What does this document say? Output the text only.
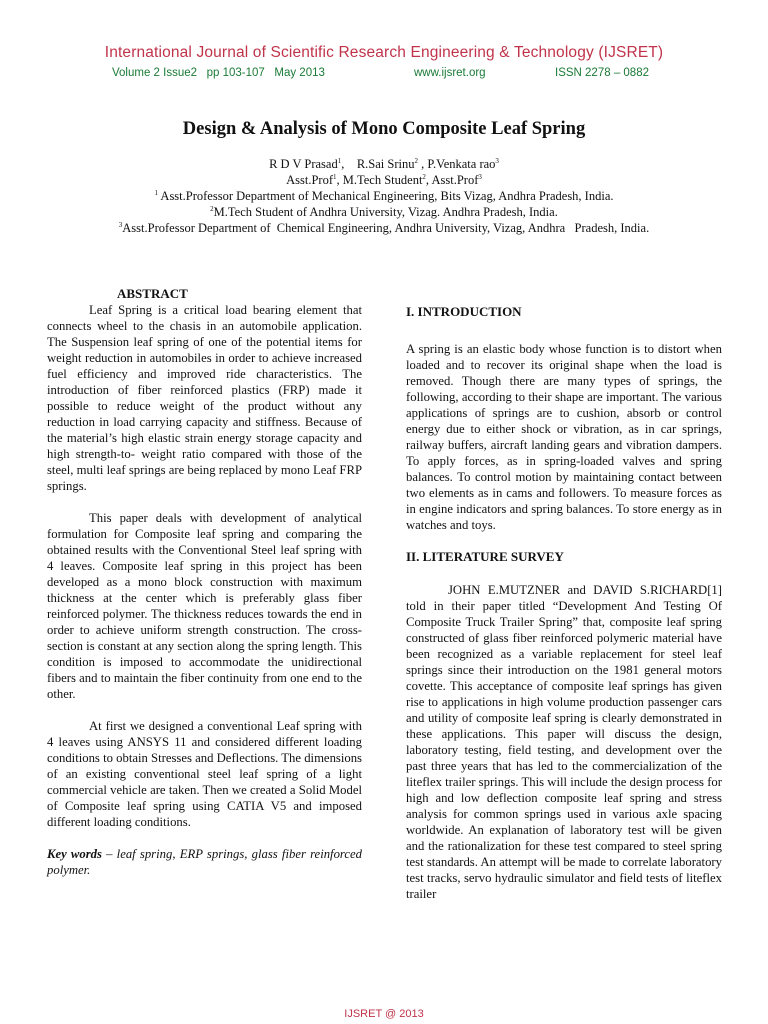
International Journal of Scientific Research Engineering & Technology (IJSRET)
Volume 2 Issue2   pp 103-107   May 2013	www.ijsret.org	ISSN 2278 – 0882
Design & Analysis of Mono Composite Leaf Spring
R D V Prasad$^1$,    R.Sai Srinu$^2$ , P.Venkata rao$^3$
Asst.Prof$^1$, M.Tech Student$^2$, Asst.Prof$^3$
$^1$ Asst.Professor Department of Mechanical Engineering, Bits Vizag, Andhra Pradesh, India.
$^2$M.Tech Student of Andhra University, Vizag. Andhra Pradesh, India.
$^3$Asst.Professor Department of  Chemical Engineering, Andhra University, Vizag, Andhra   Pradesh, India.
ABSTRACT

Leaf Spring is a critical load bearing element that connects wheel to the chasis in an automobile application. The Suspension leaf spring of one of the potential items for weight reduction in automobiles in order to achieve increased fuel efficiency and improved ride characteristics. The introduction of fiber reinforced plastics (FRP) made it possible to reduce weight of the product without any reduction in load carrying capacity and stiffness. Because of the material’s high elastic strain energy storage capacity and high strength-to- weight ratio compared with those of the steel, multi leaf springs are being replaced by mono Leaf FRP springs.

This paper deals with development of analytical formulation for Composite leaf spring and comparing the obtained results with the Conventional Steel leaf spring with 4 leaves. Composite leaf spring in this project has been developed as a mono block construction with maximum thickness at the center which is preferably glass fiber reinforced polymer. The thickness reduces towards the end in order to achieve uniform strength construction. The cross-section is constant at any section along the spring length. This condition is imposed to accommodate the unidirectional fibers and to maintain the fiber continuity from one end to the other.

At first we designed a conventional Leaf spring with 4 leaves using ANSYS 11 and considered different loading conditions to obtain Stresses and Deflections. The dimensions of an existing conventional steel leaf spring of a light commercial vehicle are taken. Then we created a Solid Model of Composite leaf spring using CATIA V5 and imposed different loading conditions.

Key words – leaf spring, ERP springs, glass fiber reinforced polymer.

I. INTRODUCTION

A spring is an elastic body whose function is to distort when loaded and to recover its original shape when the load is removed. Though there are many types of springs, the following, according to their shape are important. The various applications of springs are to cushion, absorb or control energy due to either shock or vibration, as in car springs, railway buffers, aircraft landing gears and vibration dampers. To apply forces, as in spring-loaded valves and spring balances. To control motion by maintaining contact between two elements as in cams and followers. To measure forces as in engine indicators and spring balances. To store energy as in watches and toys.

II. LITERATURE SURVEY

JOHN E.MUTZNER and DAVID S.RICHARD[1] told in their paper titled “Development And Testing Of Composite Truck Trailer Spring” that, composite leaf spring constructed of glass fiber reinforced polymeric material have been recognized as a variable replacement for steel leaf springs since their introduction on the 1981 general motors covette. This acceptance of composite leaf springs has given rise to applications in high volume production passenger cars and utility of composite leaf spring is clearly demonstrated in these applications. This paper will discuss the design, laboratory testing, field testing, and development over the past three years that has led to the commercialization of the liteflex trailer springs. This will include the design process for high and low deflection composite leaf spring and stress analysis for common springs used in various axle spacing worldwide. An explanation of laboratory test will be given and the rationalization for these test compared to steel spring test standards. An attempt will be made to correlate laboratory test tracks, servo hydraulic simulator and field tests of liteflex trailer

IJSRET @ 2013
